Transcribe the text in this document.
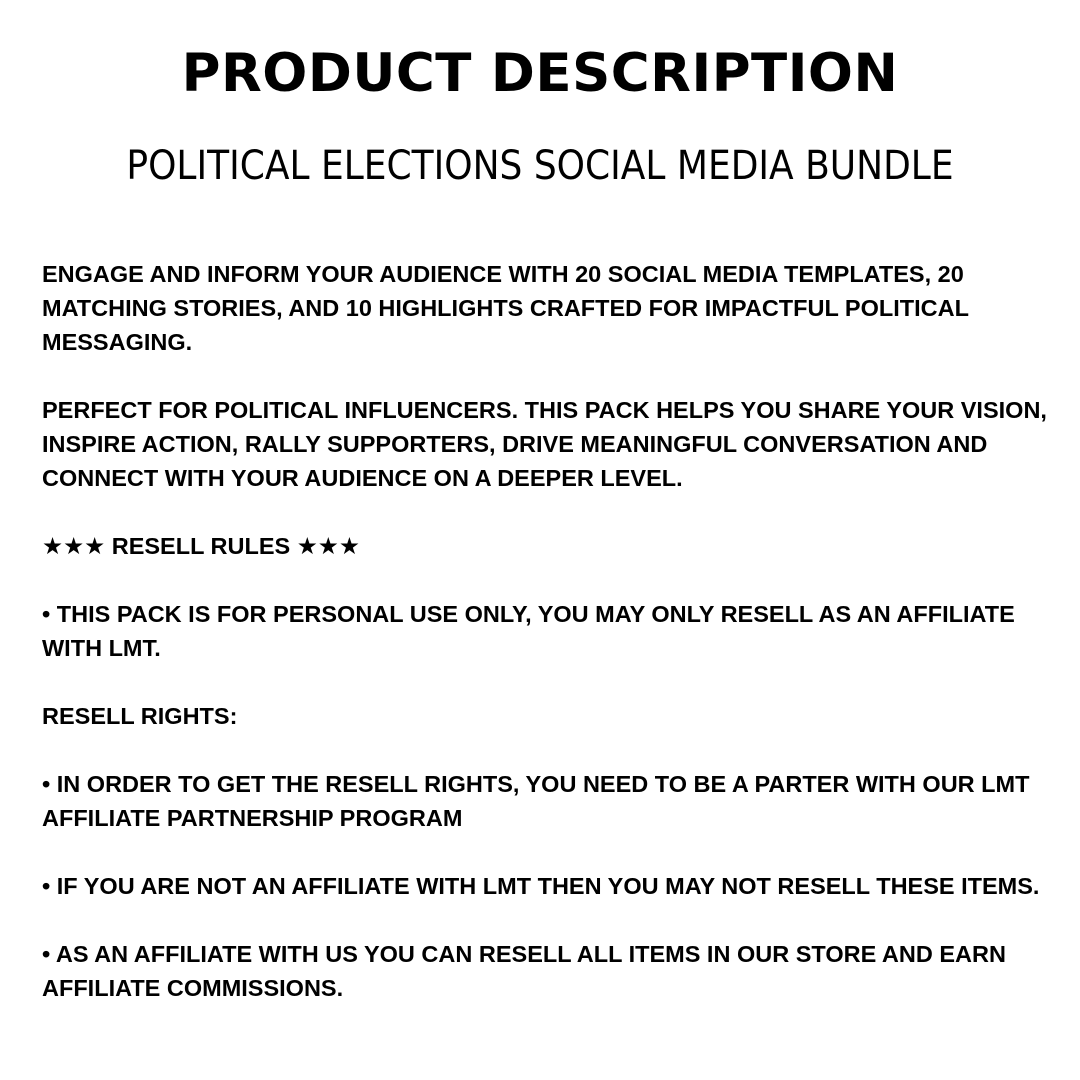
PRODUCT DESCRIPTION
POLITICAL ELECTIONS SOCIAL MEDIA BUNDLE

ENGAGE AND INFORM YOUR AUDIENCE WITH 20 SOCIAL MEDIA TEMPLATES, 20 MATCHING STORIES, AND 10 HIGHLIGHTS CRAFTED FOR IMPACTFUL POLITICAL MESSAGING.

PERFECT FOR POLITICAL INFLUENCERS. THIS PACK HELPS YOU SHARE YOUR VISION, INSPIRE ACTION, RALLY SUPPORTERS, DRIVE MEANINGFUL CONVERSATION AND CONNECT WITH YOUR AUDIENCE ON A DEEPER LEVEL.

★★★ RESELL RULES ★★★

• THIS PACK IS FOR PERSONAL USE ONLY, YOU MAY ONLY RESELL AS AN AFFILIATE WITH LMT.

RESELL RIGHTS:

• IN ORDER TO GET THE RESELL RIGHTS, YOU NEED TO BE A PARTER WITH OUR LMT AFFILIATE PARTNERSHIP PROGRAM

• IF YOU ARE NOT AN AFFILIATE WITH LMT THEN YOU MAY NOT RESELL THESE ITEMS.

• AS AN AFFILIATE WITH US YOU CAN RESELL ALL ITEMS IN OUR STORE AND EARN AFFILIATE COMMISSIONS.
